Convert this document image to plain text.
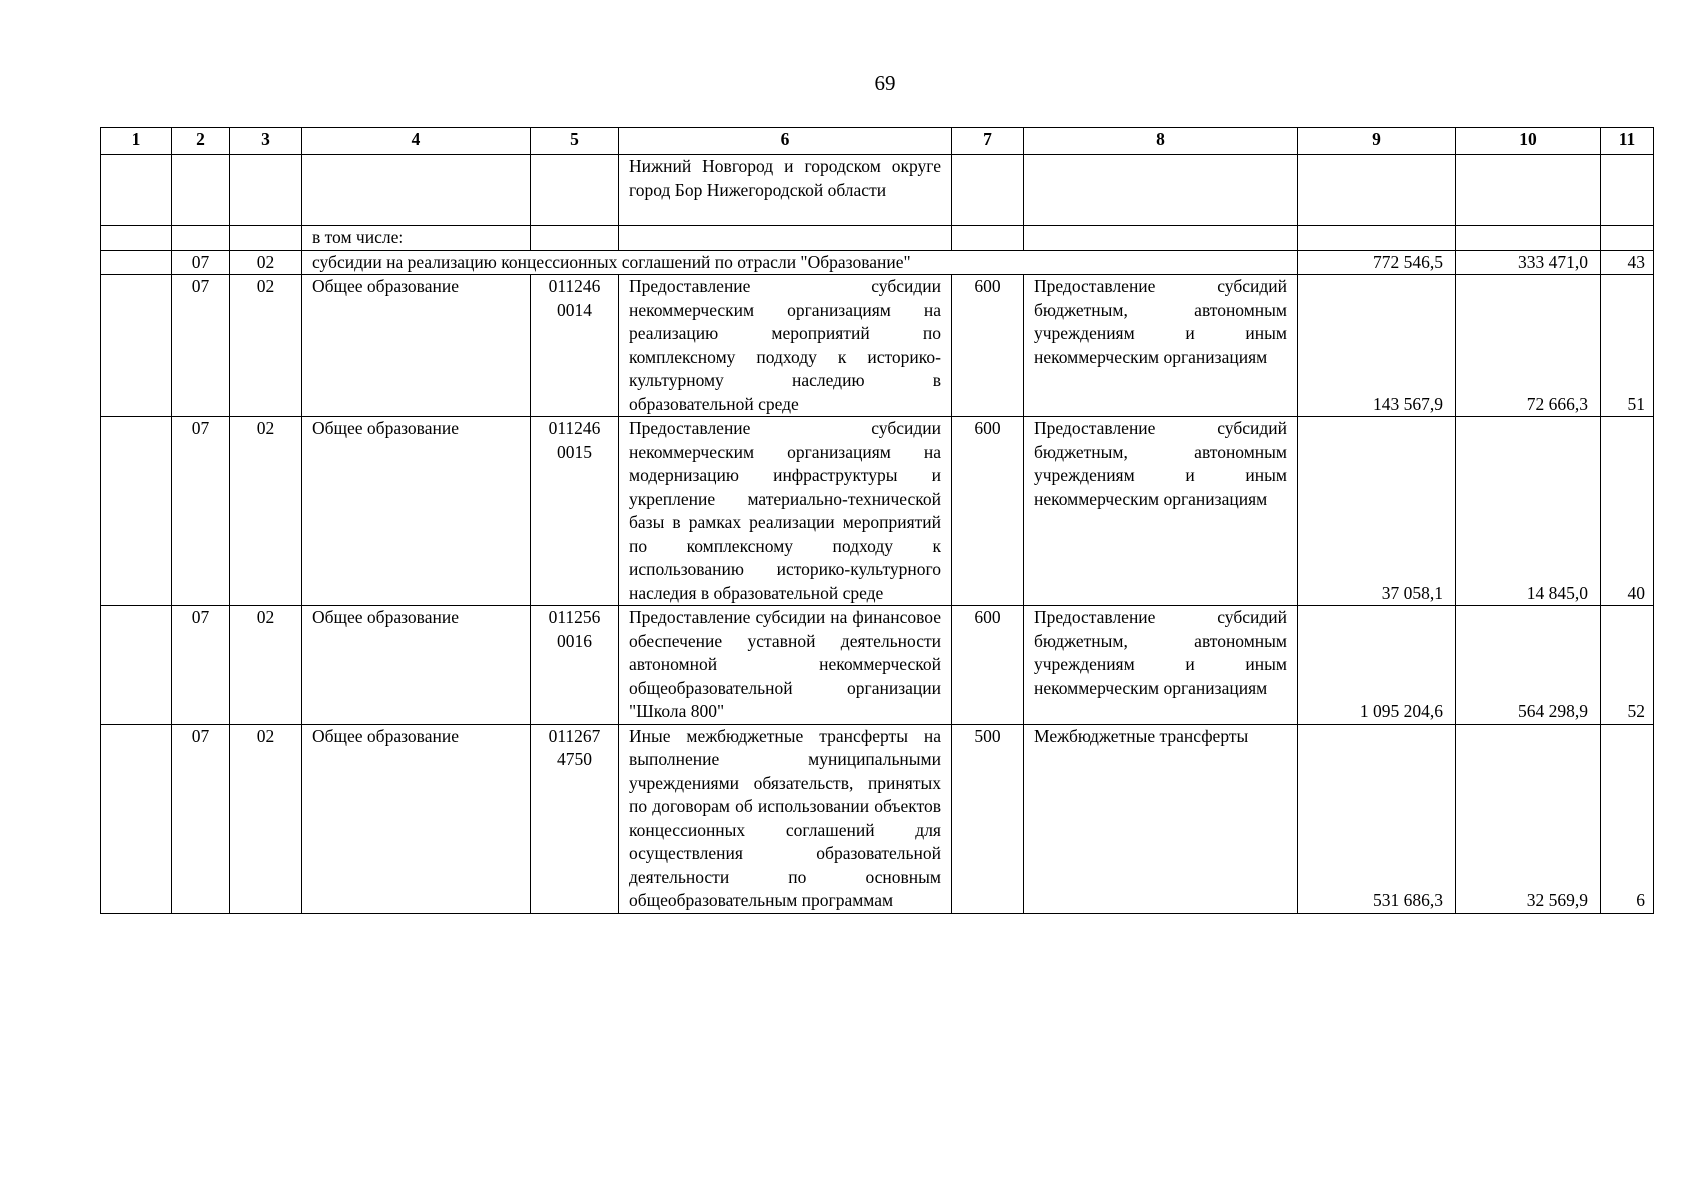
69
1	2	3	4	5	6	7	8	9	10	11
					Нижний Новгород и городском округе город Бор Нижегородской области					
			в том числе:							
	07	02	субсидии на реализацию концессионных соглашений по отрасли "Образование"					772 546,5	333 471,0	43
	07	02	Общее образование	011246
0014	Предоставление субсидии некоммерческим организациям на реализацию мероприятий по комплексному подходу к историко-культурному наследию в образовательной среде	600	Предоставление субсидий бюджетным, автономным учреждениям и иным некоммерческим организациям	143 567,9	72 666,3	51
	07	02	Общее образование	011246
0015	Предоставление субсидии некоммерческим организациям на модернизацию инфраструктуры и укрепление материально-технической базы в рамках реализации мероприятий по комплексному подходу к использованию историко-культурного наследия в образовательной среде	600	Предоставление субсидий бюджетным, автономным учреждениям и иным некоммерческим организациям	37 058,1	14 845,0	40
	07	02	Общее образование	011256
0016	Предоставление субсидии на финансовое обеспечение уставной деятельности автономной некоммерческой общеобразовательной организации "Школа 800"	600	Предоставление субсидий бюджетным, автономным учреждениям и иным некоммерческим организациям	1 095 204,6	564 298,9	52
	07	02	Общее образование	011267
4750	Иные межбюджетные трансферты на выполнение муниципальными учреждениями обязательств, принятых по договорам об использовании объектов концессионных соглашений для осуществления образовательной деятельности по основным общеобразовательным программам	500	Межбюджетные трансферты	531 686,3	32 569,9	6
